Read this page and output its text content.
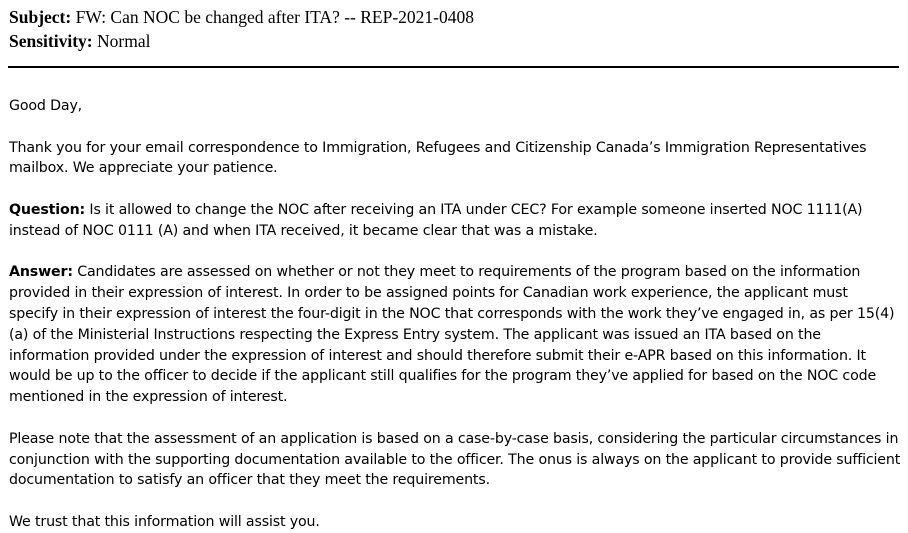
Subject: FW: Can NOC be changed after ITA? -- REP-2021-0408
Sensitivity: Normal

Good Day,

Thank you for your email correspondence to Immigration, Refugees and Citizenship Canada’s Immigration Representatives mailbox. We appreciate your patience.

Question: Is it allowed to change the NOC after receiving an ITA under CEC? For example someone inserted NOC 1111(A) instead of NOC 0111 (A) and when ITA received, it became clear that was a mistake.

Answer: Candidates are assessed on whether or not they meet to requirements of the program based on the information provided in their expression of interest. In order to be assigned points for Canadian work experience, the applicant must specify in their expression of interest the four-digit in the NOC that corresponds with the work they’ve engaged in, as per 15(4)(a) of the Ministerial Instructions respecting the Express Entry system. The applicant was issued an ITA based on the information provided under the expression of interest and should therefore submit their e-APR based on this information. It would be up to the officer to decide if the applicant still qualifies for the program they’ve applied for based on the NOC code mentioned in the expression of interest.

Please note that the assessment of an application is based on a case-by-case basis, considering the particular circumstances in conjunction with the supporting documentation available to the officer. The onus is always on the applicant to provide sufficient documentation to satisfy an officer that they meet the requirements.

We trust that this information will assist you.
